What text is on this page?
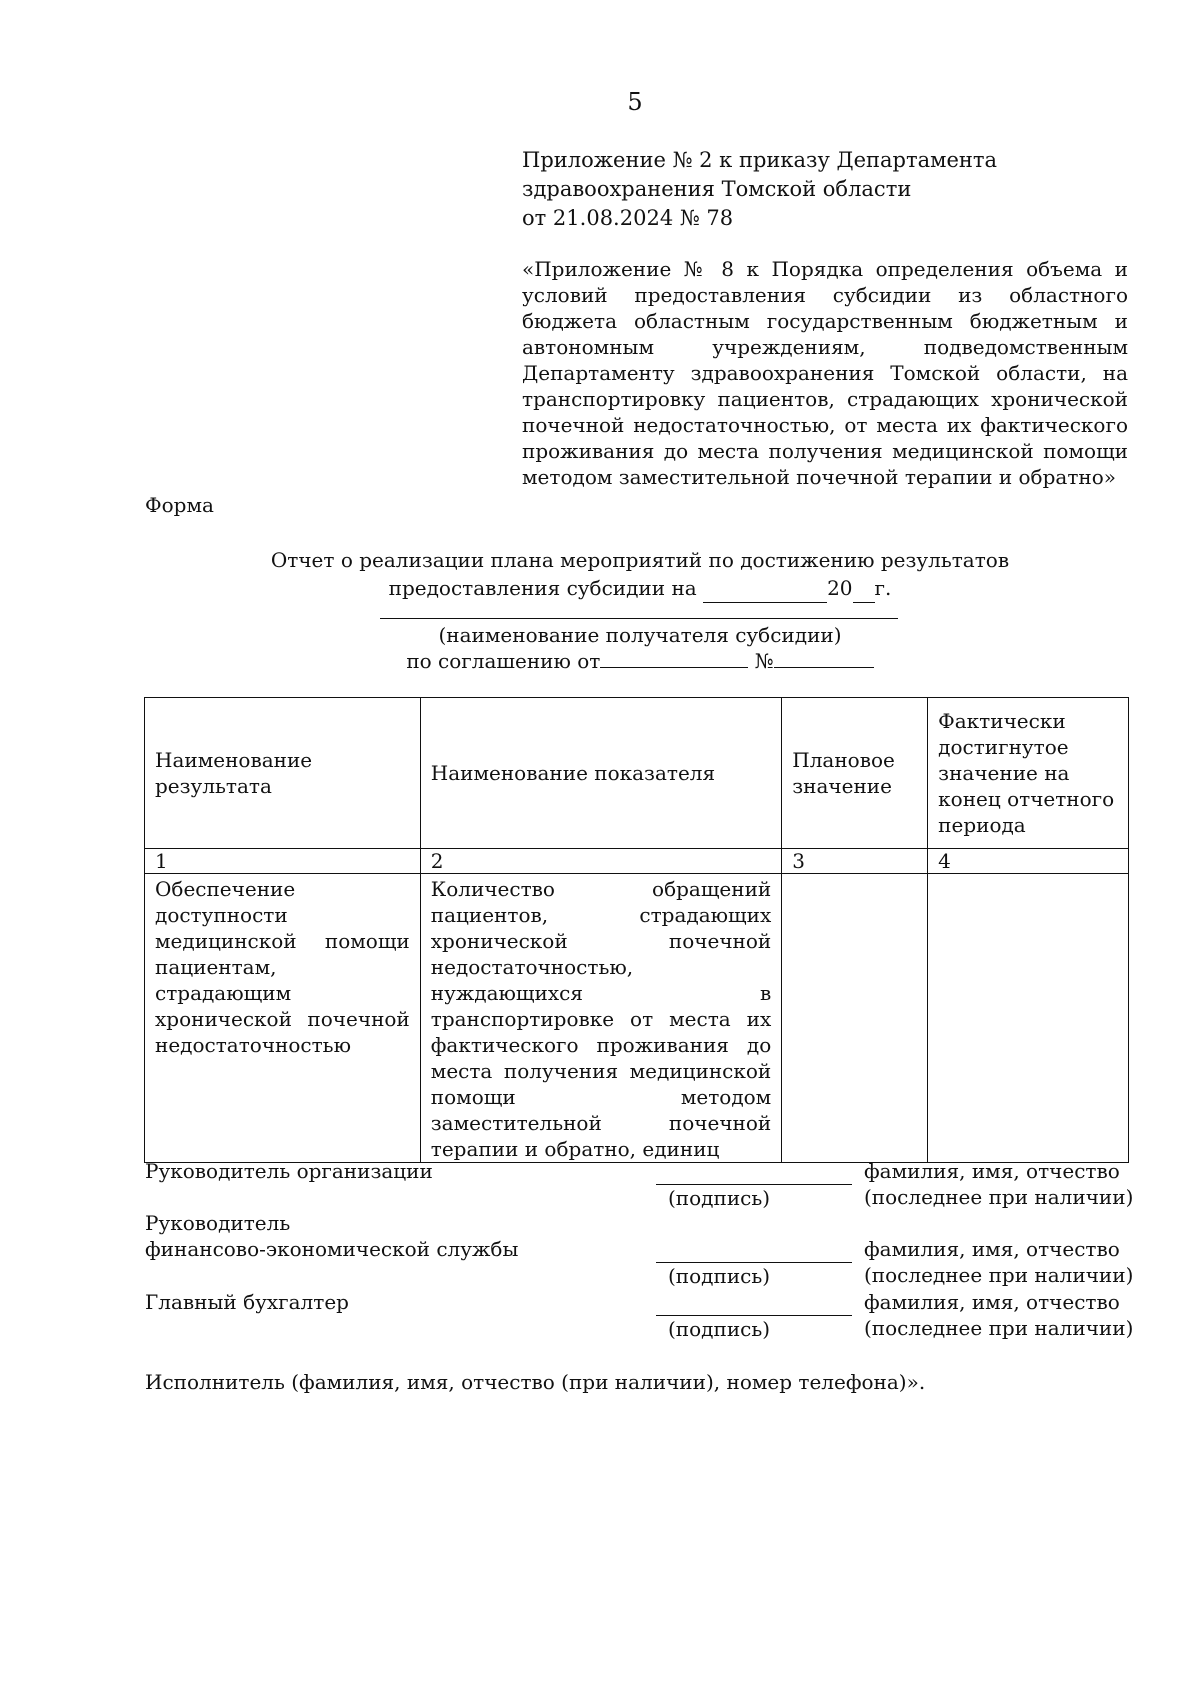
5
Приложение № 2 к приказу Департамента
здравоохранения Томской области
от 21.08.2024 № 78
«Приложение № 8 к Порядка определения объема и условий предоставления субсидии из областного бюджета областным государственным бюджетным и автономным учреждениям, подведомственным Департаменту здравоохранения Томской области, на транспортировку пациентов, страдающих хронической почечной недостаточностью, от места их фактического проживания до места получения медицинской помощи методом заместительной почечной терапии и обратно»
Форма
Отчет о реализации плана мероприятий по достижению результатов
предоставления субсидии на	20 г.
(наименование получателя субсидии)
по соглашению от	№
Наименование результата	Наименование показателя	Плановое значение	Фактически достигнутое значение на конец отчетного периода
1	2	3	4
Обеспечение доступности медицинской помощи пациентам, страдающим хронической почечной недостаточностью	Количество обращений пациентов, страдающих хронической почечной недостаточностью, нуждающихся в транспортировке от места их фактического проживания до места получения медицинской помощи методом заместительной почечной терапии и обратно, единиц		
Руководитель организации
(подпись)
фамилия, имя, отчество
(последнее при наличии)
Руководитель
финансово-экономической службы
(подпись)
фамилия, имя, отчество
(последнее при наличии)
Главный бухгалтер
(подпись)
фамилия, имя, отчество
(последнее при наличии)
Исполнитель (фамилия, имя, отчество (при наличии), номер телефона)».
